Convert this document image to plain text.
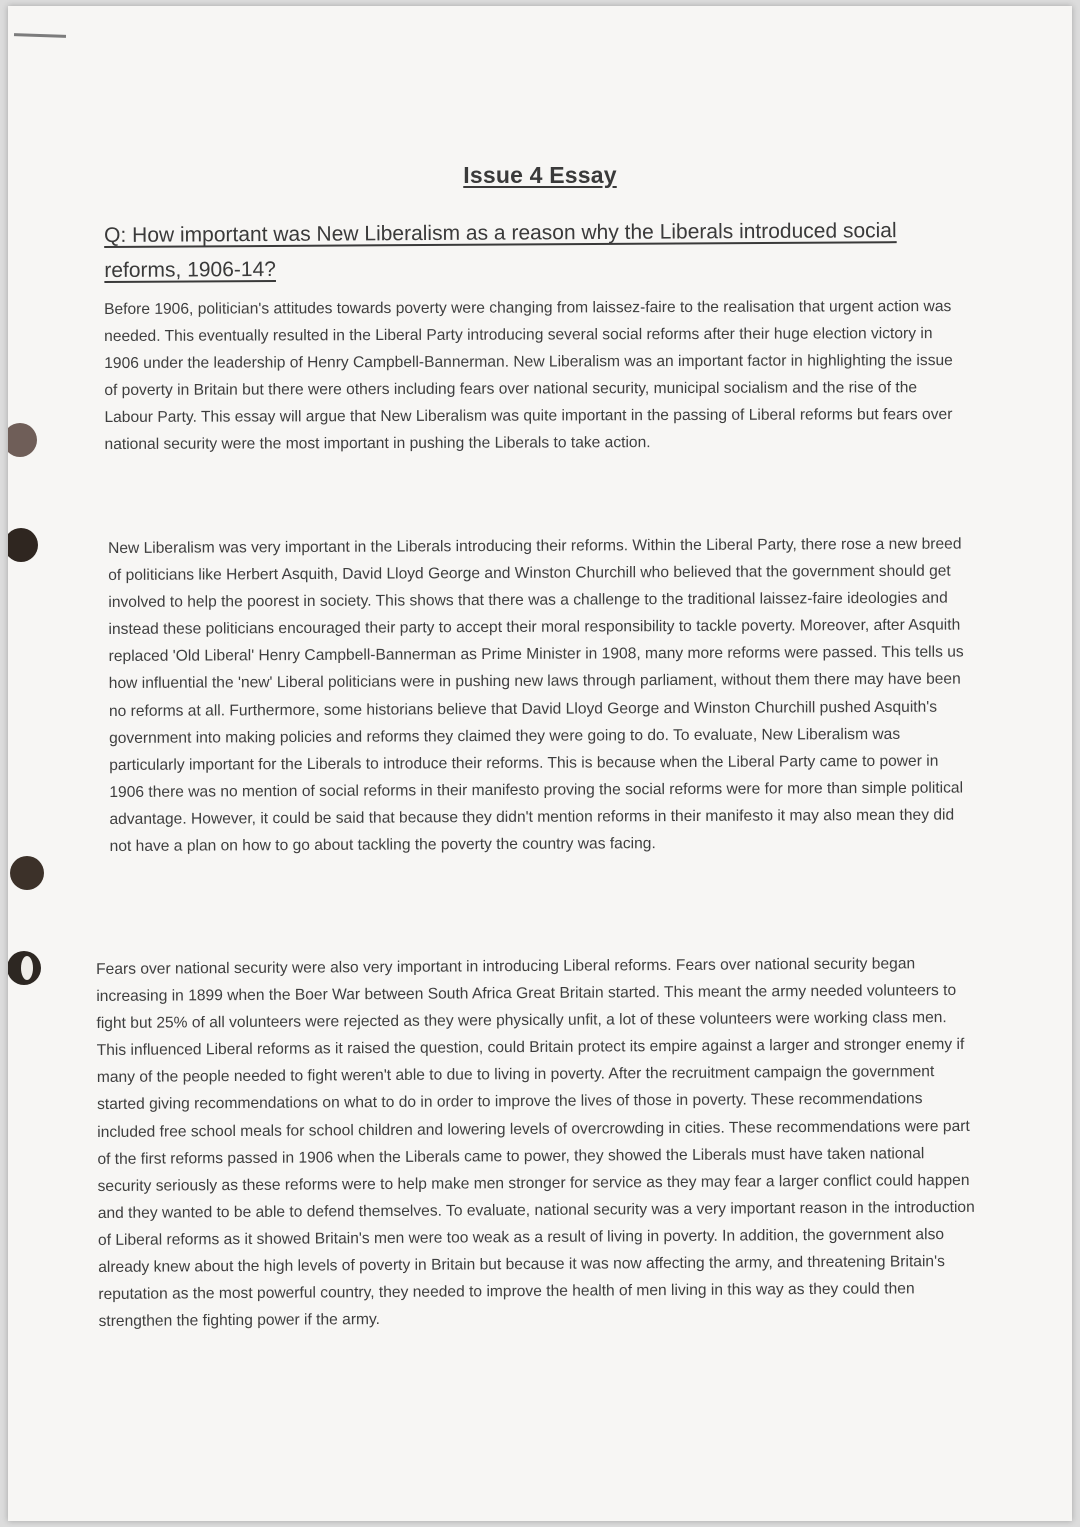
Issue 4 Essay
Q: How important was New Liberalism as a reason why the Liberals introduced social reforms, 1906-14?
Before 1906, politician's attitudes towards poverty were changing from laissez-faire to the realisation that urgent action was needed. This eventually resulted in the Liberal Party introducing several social reforms after their huge election victory in 1906 under the leadership of Henry Campbell-Bannerman. New Liberalism was an important factor in highlighting the issue of poverty in Britain but there were others including fears over national security, municipal socialism and the rise of the Labour Party. This essay will argue that New Liberalism was quite important in the passing of Liberal reforms but fears over national security were the most important in pushing the Liberals to take action.
New Liberalism was very important in the Liberals introducing their reforms. Within the Liberal Party, there rose a new breed of politicians like Herbert Asquith, David Lloyd George and Winston Churchill who believed that the government should get involved to help the poorest in society. This shows that there was a challenge to the traditional laissez-faire ideologies and instead these politicians encouraged their party to accept their moral responsibility to tackle poverty. Moreover, after Asquith replaced 'Old Liberal' Henry Campbell-Bannerman as Prime Minister in 1908, many more reforms were passed. This tells us how influential the 'new' Liberal politicians were in pushing new laws through parliament, without them there may have been no reforms at all. Furthermore, some historians believe that David Lloyd George and Winston Churchill pushed Asquith's government into making policies and reforms they claimed they were going to do. To evaluate, New Liberalism was particularly important for the Liberals to introduce their reforms. This is because when the Liberal Party came to power in 1906 there was no mention of social reforms in their manifesto proving the social reforms were for more than simple political advantage. However, it could be said that because they didn't mention reforms in their manifesto it may also mean they did not have a plan on how to go about tackling the poverty the country was facing.
Fears over national security were also very important in introducing Liberal reforms. Fears over national security began increasing in 1899 when the Boer War between South Africa Great Britain started. This meant the army needed volunteers to fight but 25% of all volunteers were rejected as they were physically unfit, a lot of these volunteers were working class men. This influenced Liberal reforms as it raised the question, could Britain protect its empire against a larger and stronger enemy if many of the people needed to fight weren't able to due to living in poverty. After the recruitment campaign the government started giving recommendations on what to do in order to improve the lives of those in poverty. These recommendations included free school meals for school children and lowering levels of overcrowding in cities. These recommendations were part of the first reforms passed in 1906 when the Liberals came to power, they showed the Liberals must have taken national security seriously as these reforms were to help make men stronger for service as they may fear a larger conflict could happen and they wanted to be able to defend themselves. To evaluate, national security was a very important reason in the introduction of Liberal reforms as it showed Britain's men were too weak as a result of living in poverty. In addition, the government also already knew about the high levels of poverty in Britain but because it was now affecting the army, and threatening Britain's reputation as the most powerful country, they needed to improve the health of men living in this way as they could then strengthen the fighting power if the army.
